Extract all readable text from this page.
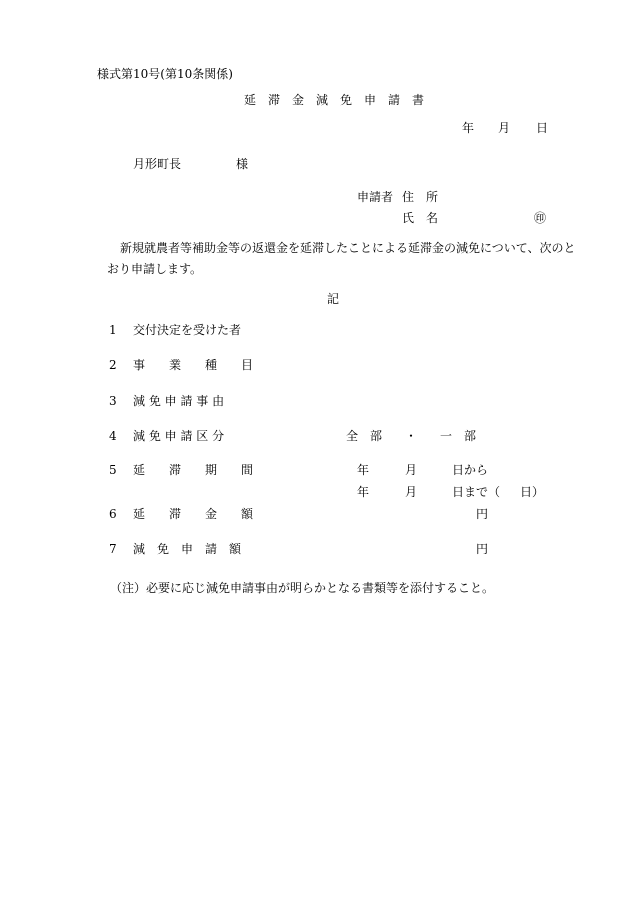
様式第10号(第10条関係)
延　滞　金　減　免　申　請　書
年 月 日
月形町長	様
申請者 住　所
氏　名	㊞
新規就農者等補助金等の返還金を延滞したことによる延滞金の減免について、次のと
おり申請します。
記
1 交付決定を受けた者
2 事　　業　　種　　目
3 減 免 申 請 事 由
4 減 免 申 請 区 分	全　部 ・ 一　部
5 延　　滞　　期　　間	年	月	日から
年	月	日まで（ 日）
6 延　　滞　　金　　額	円
7 減　免　申　請　額	円
（注）必要に応じ減免申請事由が明らかとなる書類等を添付すること。
